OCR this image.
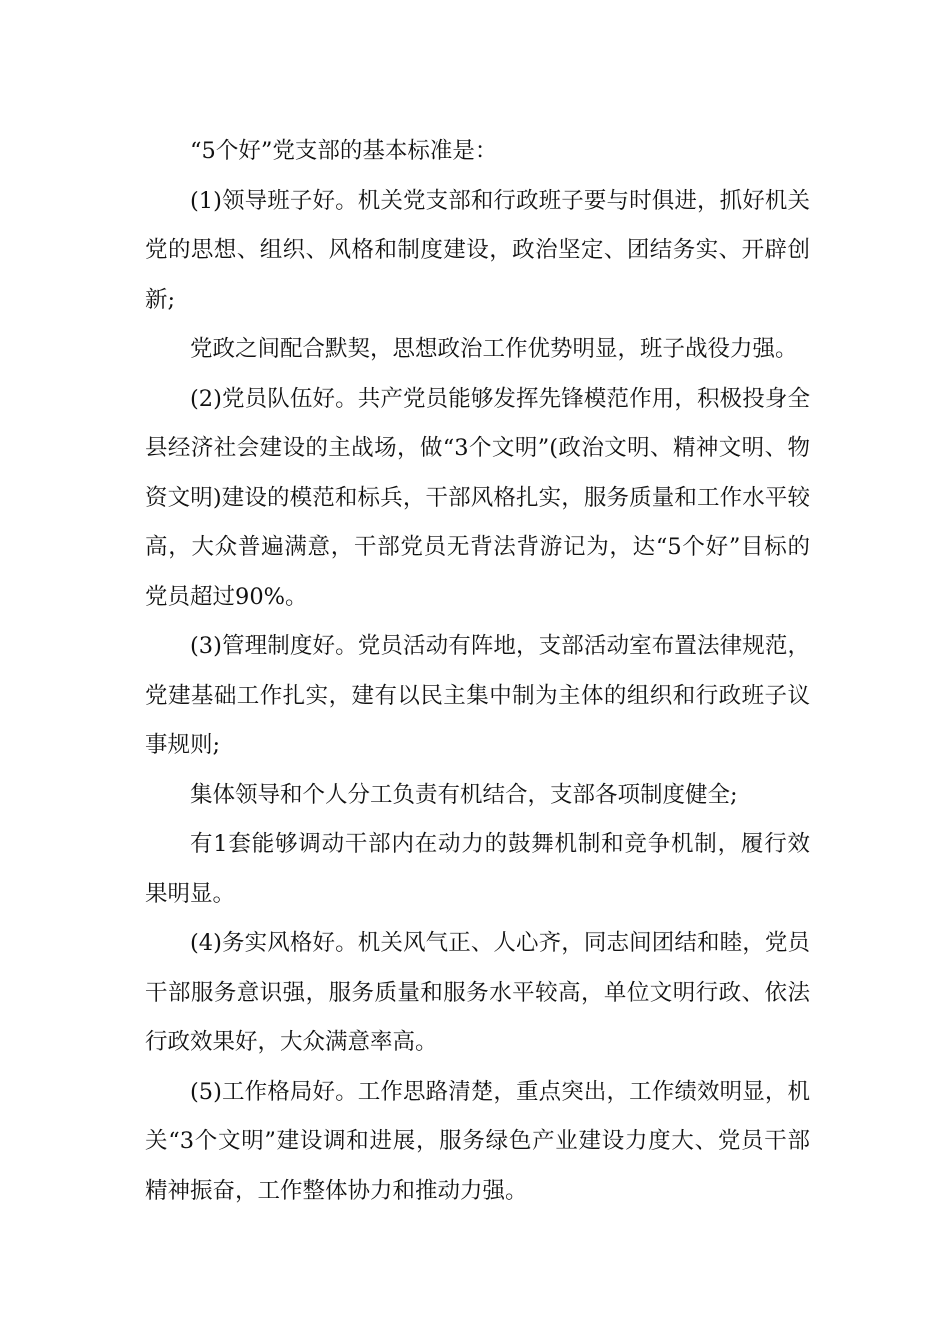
“5个好”党支部的基本标准是：

(1)领导班子好。机关党支部和行政班子要与时俱进，抓好机关党的思想、组织、风格和制度建设，政治坚定、团结务实、开辟创新;

党政之间配合默契，思想政治工作优势明显，班子战役力强。

(2)党员队伍好。共产党员能够发挥先锋模范作用，积极投身全县经济社会建设的主战场，做“3个文明”(政治文明、精神文明、物资文明)建设的模范和标兵，干部风格扎实，服务质量和工作水平较高，大众普遍满意，干部党员无背法背游记为，达“5个好”目标的党员超过90%。

(3)管理制度好。党员活动有阵地，支部活动室布置法律规范，党建基础工作扎实，建有以民主集中制为主体的组织和行政班子议事规则;

集体领导和个人分工负责有机结合，支部各项制度健全;

有1套能够调动干部内在动力的鼓舞机制和竞争机制，履行效果明显。

(4)务实风格好。机关风气正、人心齐，同志间团结和睦，党员干部服务意识强，服务质量和服务水平较高，单位文明行政、依法行政效果好，大众满意率高。

(5)工作格局好。工作思路清楚，重点突出，工作绩效明显，机关“3个文明”建设调和进展，服务绿色产业建设力度大、党员干部精神振奋，工作整体协力和推动力强。
